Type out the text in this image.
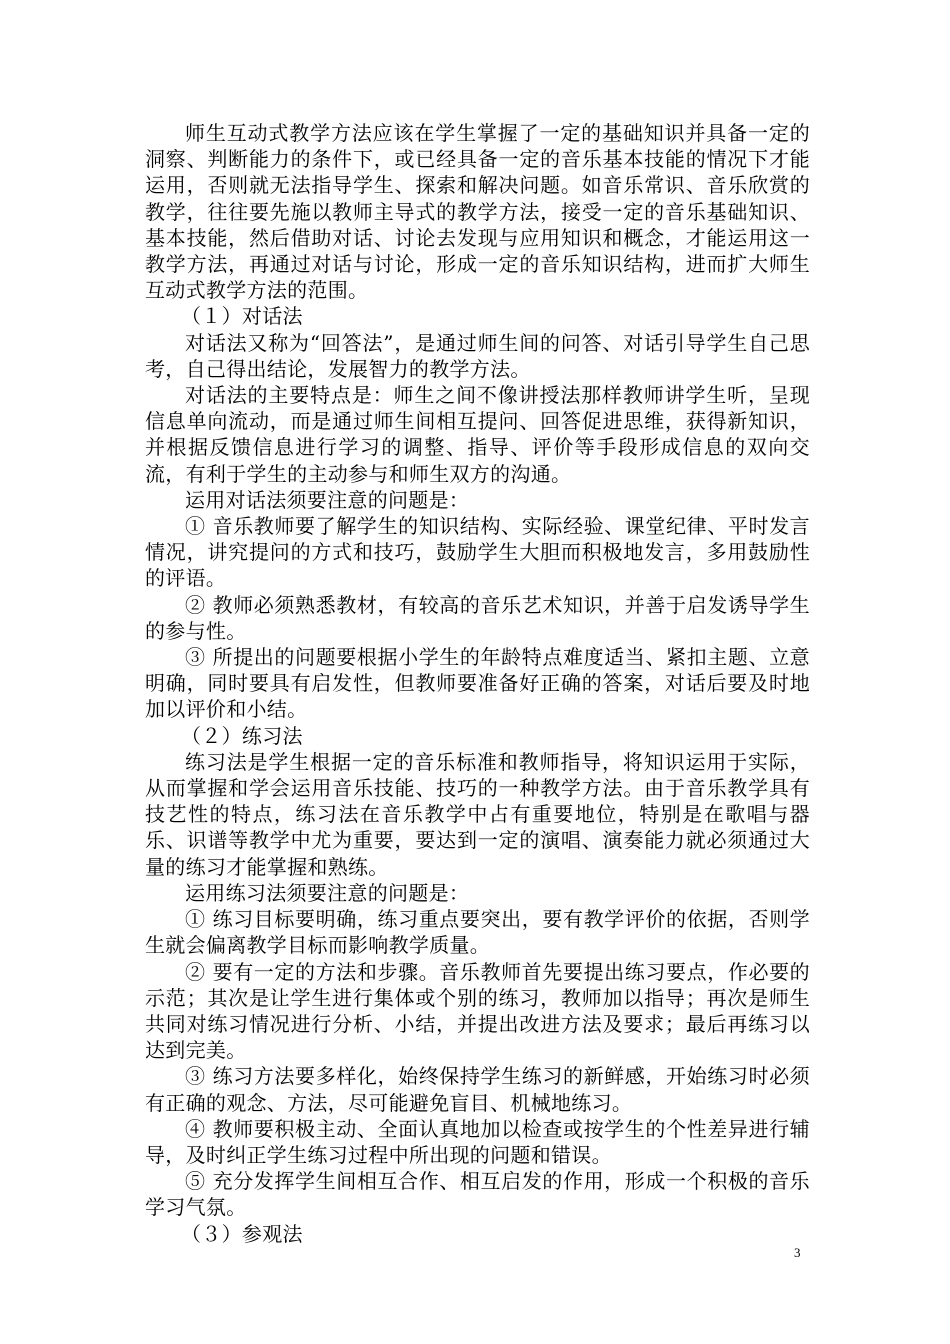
师生互动式教学方法应该在学生掌握了一定的基础知识并具备一定的洞察、判断能力的条件下，或已经具备一定的音乐基本技能的情况下才能运用，否则就无法指导学生、探索和解决问题。如音乐常识、音乐欣赏的教学，往往要先施以教师主导式的教学方法，接受一定的音乐基础知识、基本技能，然后借助对话、讨论去发现与应用知识和概念，才能运用这一教学方法，再通过对话与讨论，形成一定的音乐知识结构，进而扩大师生互动式教学方法的范围。

（１）对话法

对话法又称为“回答法”，是通过师生间的问答、对话引导学生自己思考，自己得出结论，发展智力的教学方法。

对话法的主要特点是：师生之间不像讲授法那样教师讲学生听，呈现信息单向流动，而是通过师生间相互提问、回答促进思维，获得新知识，并根据反馈信息进行学习的调整、指导、评价等手段形成信息的双向交流，有利于学生的主动参与和师生双方的沟通。

运用对话法须要注意的问题是：

① 音乐教师要了解学生的知识结构、实际经验、课堂纪律、平时发言情况，讲究提问的方式和技巧，鼓励学生大胆而积极地发言，多用鼓励性的评语。

② 教师必须熟悉教材，有较高的音乐艺术知识，并善于启发诱导学生的参与性。

③ 所提出的问题要根据小学生的年龄特点难度适当、紧扣主题、立意明确，同时要具有启发性，但教师要准备好正确的答案，对话后要及时地加以评价和小结。

（２）练习法

练习法是学生根据一定的音乐标准和教师指导，将知识运用于实际，从而掌握和学会运用音乐技能、技巧的一种教学方法。由于音乐教学具有技艺性的特点，练习法在音乐教学中占有重要地位，特别是在歌唱与器乐、识谱等教学中尤为重要，要达到一定的演唱、演奏能力就必须通过大量的练习才能掌握和熟练。

运用练习法须要注意的问题是：

① 练习目标要明确，练习重点要突出，要有教学评价的依据，否则学生就会偏离教学目标而影响教学质量。

② 要有一定的方法和步骤。音乐教师首先要提出练习要点，作必要的示范；其次是让学生进行集体或个别的练习，教师加以指导；再次是师生共同对练习情况进行分析、小结，并提出改进方法及要求；最后再练习以达到完美。

③ 练习方法要多样化，始终保持学生练习的新鲜感，开始练习时必须有正确的观念、方法，尽可能避免盲目、机械地练习。

④ 教师要积极主动、全面认真地加以检查或按学生的个性差异进行辅导，及时纠正学生练习过程中所出现的问题和错误。

⑤ 充分发挥学生间相互合作、相互启发的作用，形成一个积极的音乐学习气氛。

（３）参观法

3
